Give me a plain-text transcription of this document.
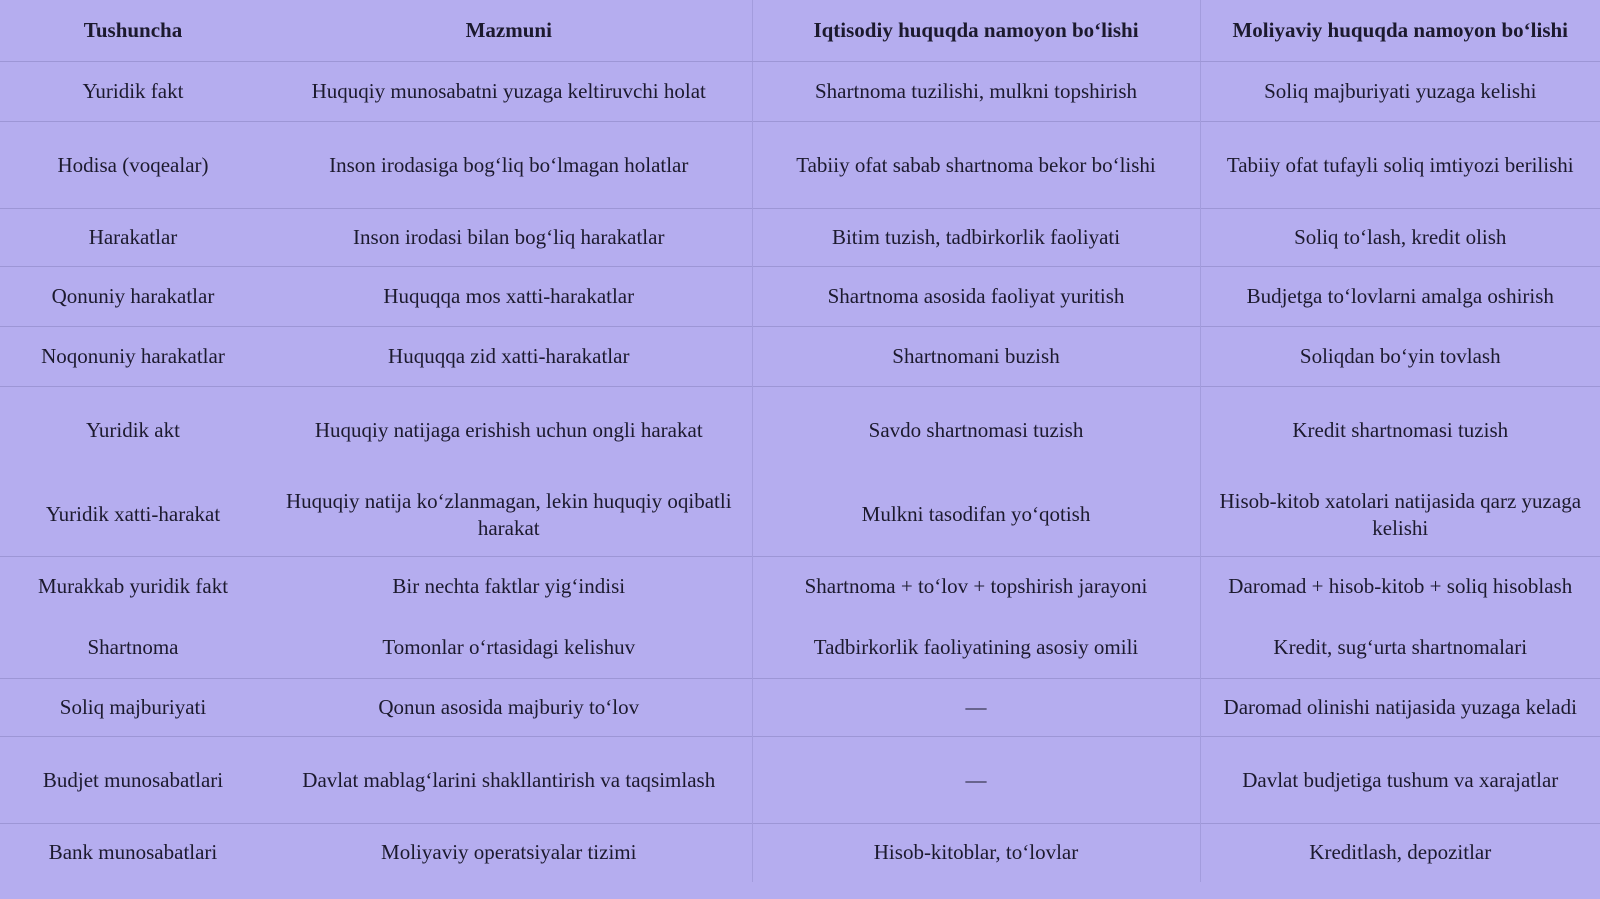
Tushuncha	Mazmuni	Iqtisodiy huquqda namoyon bo‘lishi	Moliyaviy huquqda namoyon bo‘lishi
Yuridik fakt	Huquqiy munosabatni yuzaga keltiruvchi holat	Shartnoma tuzilishi, mulkni topshirish	Soliq majburiyati yuzaga kelishi
Hodisa (voqealar)	Inson irodasiga bog‘liq bo‘lmagan holatlar	Tabiiy ofat sabab shartnoma bekor bo‘lishi	Tabiiy ofat tufayli soliq imtiyozi berilishi
Harakatlar	Inson irodasi bilan bog‘liq harakatlar	Bitim tuzish, tadbirkorlik faoliyati	Soliq to‘lash, kredit olish
Qonuniy harakatlar	Huquqqa mos xatti-harakatlar	Shartnoma asosida faoliyat yuritish	Budjetga to‘lovlarni amalga oshirish
Noqonuniy harakatlar	Huquqqa zid xatti-harakatlar	Shartnomani buzish	Soliqdan bo‘yin tovlash
Yuridik akt	Huquqiy natijaga erishish uchun ongli harakat	Savdo shartnomasi tuzish	Kredit shartnomasi tuzish
Yuridik xatti-harakat	Huquqiy natija ko‘zlanmagan, lekin huquqiy oqibatli harakat	Mulkni tasodifan yo‘qotish	Hisob-kitob xatolari natijasida qarz yuzaga kelishi
Murakkab yuridik fakt	Bir nechta faktlar yig‘indisi	Shartnoma + to‘lov + topshirish jarayoni	Daromad + hisob-kitob + soliq hisoblash
Shartnoma	Tomonlar o‘rtasidagi kelishuv	Tadbirkorlik faoliyatining asosiy omili	Kredit, sug‘urta shartnomalari
Soliq majburiyati	Qonun asosida majburiy to‘lov	—	Daromad olinishi natijasida yuzaga keladi
Budjet munosabatlari	Davlat mablag‘larini shakllantirish va taqsimlash	—	Davlat budjetiga tushum va xarajatlar
Bank munosabatlari	Moliyaviy operatsiyalar tizimi	Hisob-kitoblar, to‘lovlar	Kreditlash, depozitlar
